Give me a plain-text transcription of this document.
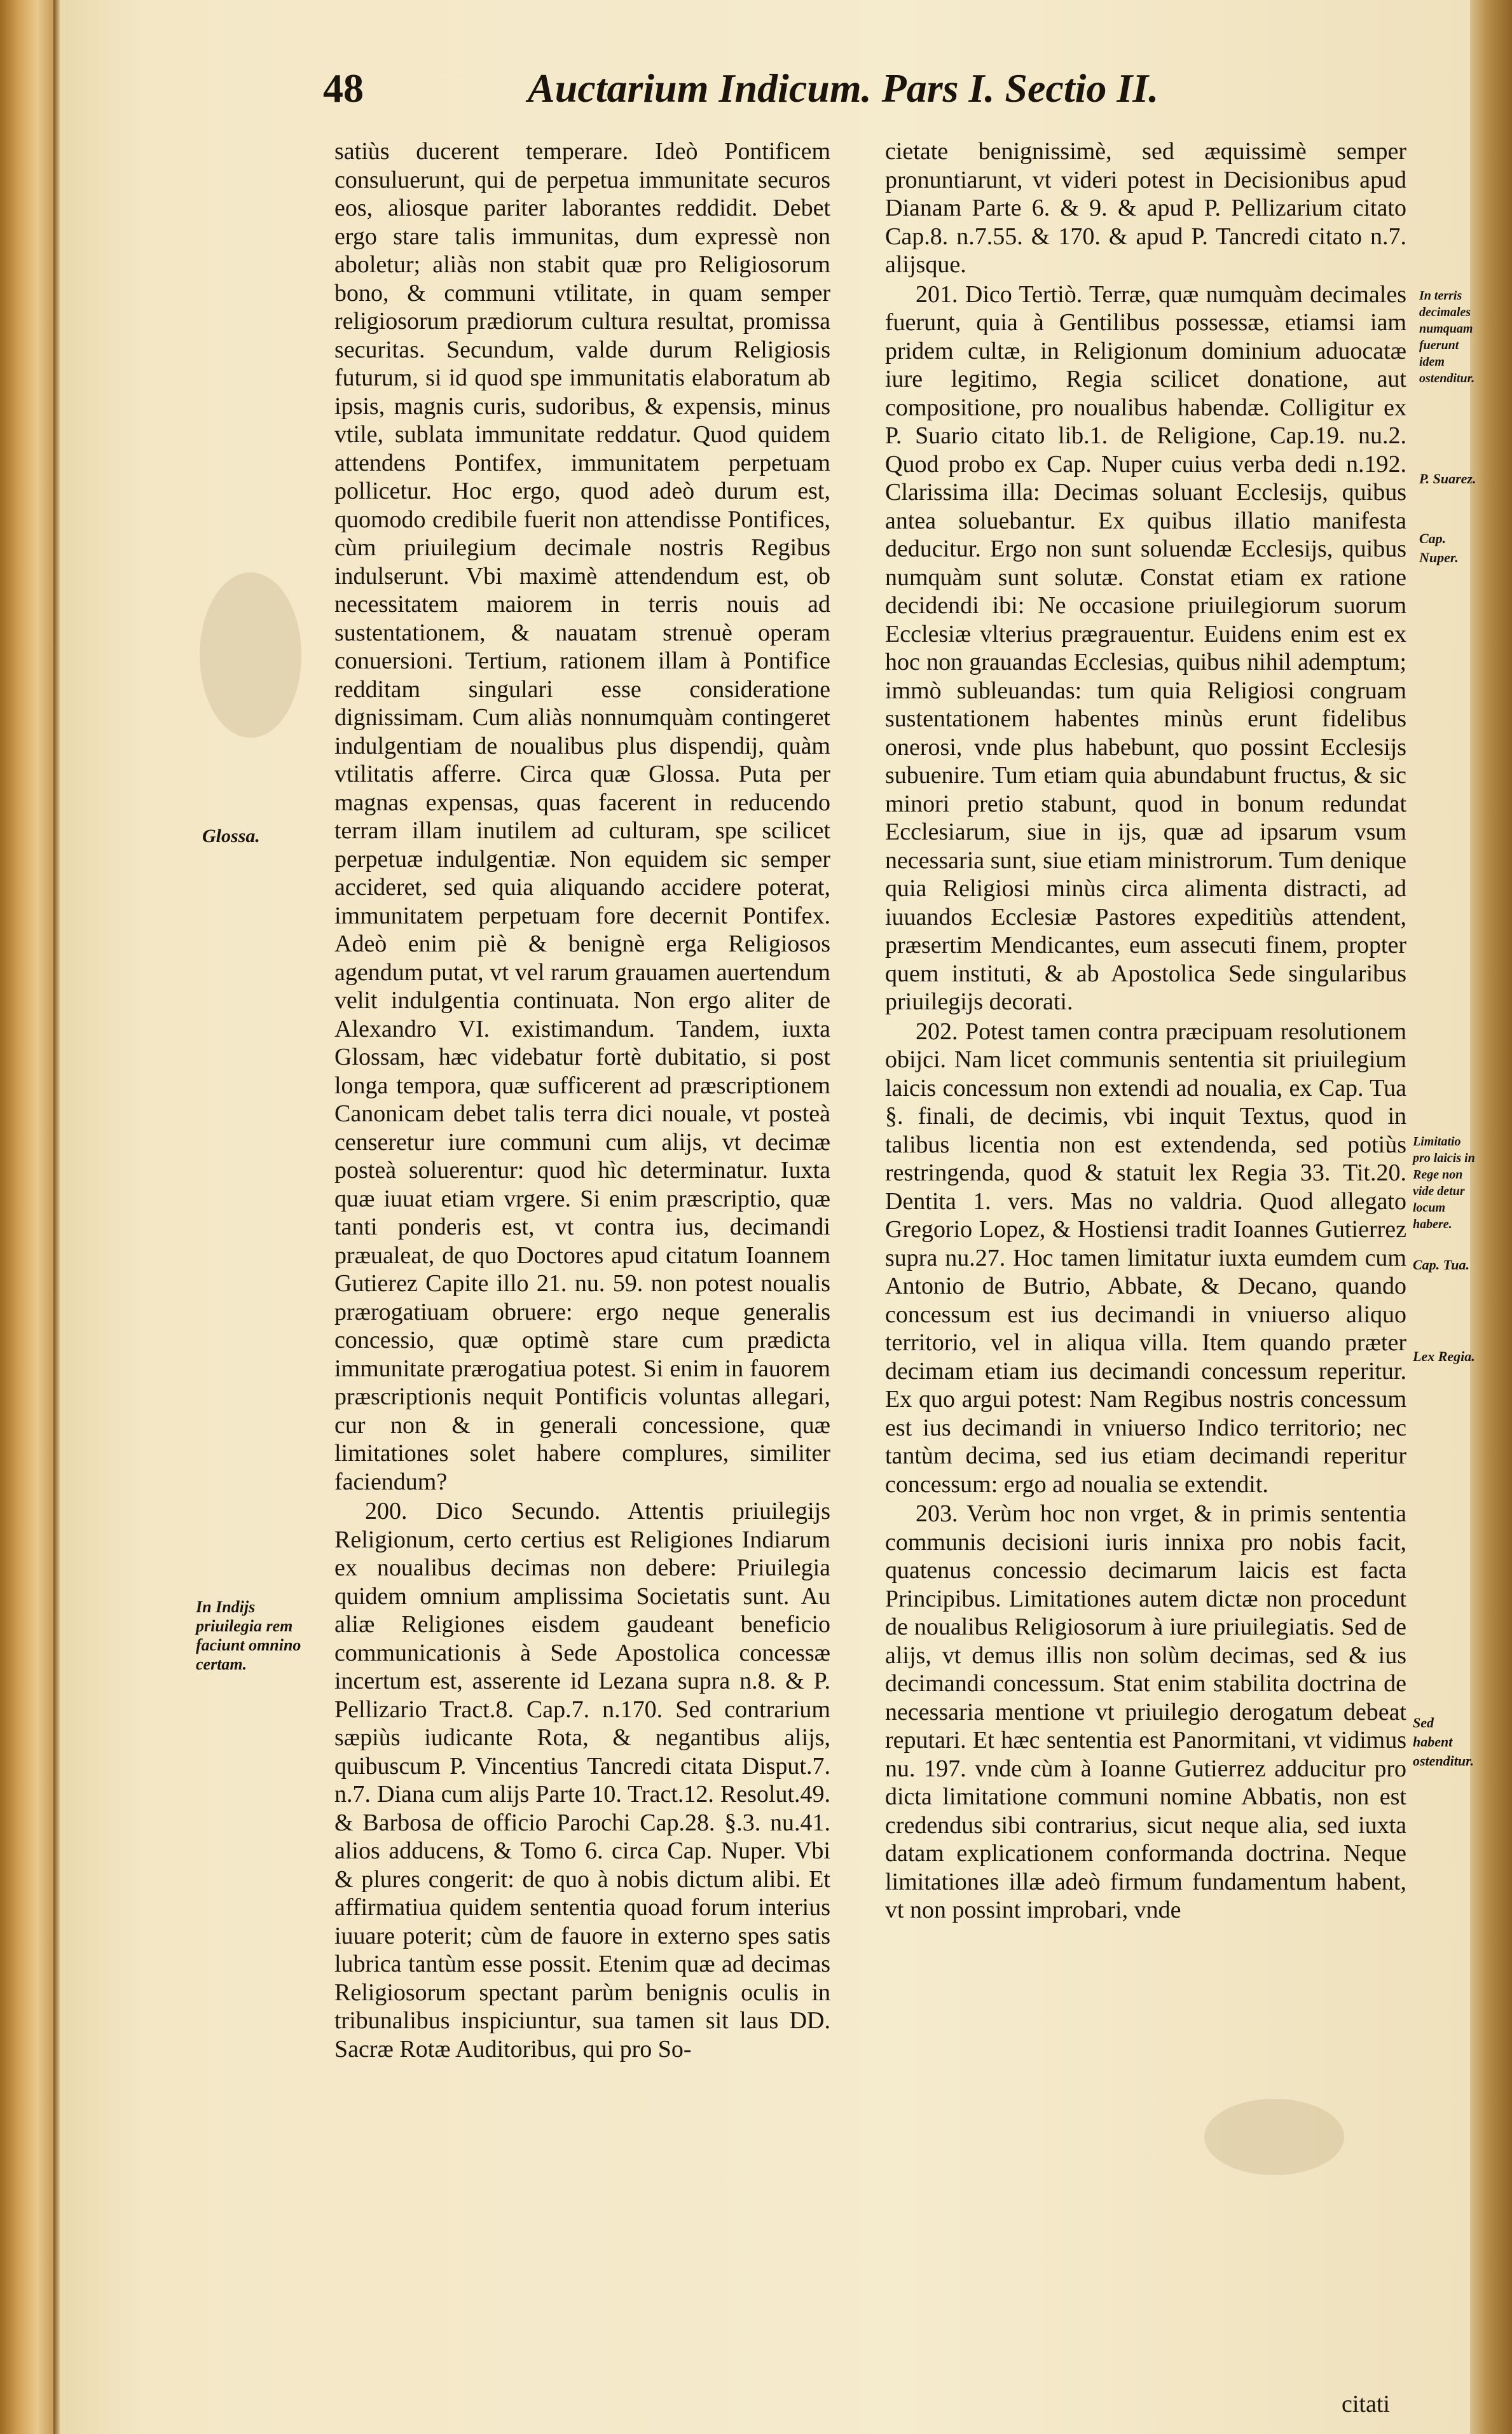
48	Auctarium Indicum. Pars I. Sectio II.

satiùs ducerent temperare. Ideò Pontificem consuluerunt, qui de perpetua immunitate securos eos, aliosque pariter laborantes reddidit. Debet ergo stare talis immunitas, dum expressè non aboletur; aliàs non stabit quæ pro Religiosorum bono, & communi vtilitate, in quam semper religiosorum prædiorum cultura resultat, promissa securitas. Secundum, valde durum Religiosis futurum, si id quod spe immunitatis elaboratum ab ipsis, magnis curis, sudoribus, & expensis, minus vtile, sublata immunitate reddatur. Quod quidem attendens Pontifex, immunitatem perpetuam pollicetur. Hoc ergo, quod adeò durum est, quomodo credibile fuerit non attendisse Pontifices, cùm priuilegium decimale nostris Regibus indulserunt. Vbi maximè attendendum est, ob necessitatem maiorem in terris nouis ad sustentationem, & nauatam strenuè operam conuersioni. Tertium, rationem illam à Pontifice redditam singulari esse consideratione dignissimam. Cum aliàs nonnumquàm contingeret indulgentiam de noualibus plus dispendij, quàm vtilitatis afferre. Circa quæ Glossa. Puta per magnas expensas, quas facerent in reducendo terram illam inutilem ad culturam, spe scilicet perpetuæ indulgentiæ. Non equidem sic semper accideret, sed quia aliquando accidere poterat, immunitatem perpetuam fore decernit Pontifex. Adeò enim piè & benignè erga Religiosos agendum putat, vt vel rarum grauamen auertendum velit indulgentia continuata. Non ergo aliter de Alexandro VI. existimandum. Tandem, iuxta Glossam, hæc videbatur fortè dubitatio, si post longa tempora, quæ sufficerent ad præscriptionem Canonicam debet talis terra dici nouale, vt posteà censeretur iure communi cum alijs, vt decimæ posteà soluerentur: quod hìc determinatur. Iuxta quæ iuuat etiam vrgere. Si enim præscriptio, quæ tanti ponderis est, vt contra ius, decimandi præualeat, de quo Doctores apud citatum Ioannem Gutierez Capite illo 21. nu. 59. non potest noualis prærogatiuam obruere: ergo neque generalis concessio, quæ optimè stare cum prædicta immunitate prærogatiua potest. Si enim in fauorem præscriptionis nequit Pontificis voluntas allegari, cur non & in generali concessione, quæ limitationes solet habere complures, similiter faciendum?

200. Dico Secundo. Attentis priuilegijs Religionum, certo certius est Religiones Indiarum ex noualibus decimas non debere: Priuilegia quidem omnium amplissima Societatis sunt. Au aliæ Religiones eisdem gaudeant beneficio communicationis à Sede Apostolica concessæ incertum est, asserente id Lezana supra n.8. & P. Pellizario Tract.8. Cap.7. n.170. Sed contrarium sæpiùs iudicante Rota, & negantibus alijs, quibuscum P. Vincentius Tancredi citata Disput.7. n.7. Diana cum alijs Parte 10. Tract.12. Resolut.49. & Barbosa de officio Parochi Cap.28. §.3. nu.41. alios adducens, & Tomo 6. circa Cap. Nuper. Vbi & plures congerit: de quo à nobis dictum alibi. Et affirmatiua quidem sententia quoad forum interius iuuare poterit; cùm de fauore in externo spes satis lubrica tantùm esse possit. Etenim quæ ad decimas Religiosorum spectant parùm benignis oculis in tribunalibus inspiciuntur, sua tamen sit laus DD. Sacræ Rotæ Auditoribus, qui pro So-

cietate benignissimè, sed æquissimè semper pronuntiarunt, vt videri potest in Decisionibus apud Dianam Parte 6. & 9. & apud P. Pellizarium citato Cap.8. n.7.55. & 170. & apud P. Tancredi citato n.7. alijsque.

201. Dico Tertiò. Terræ, quæ numquàm decimales fuerunt, quia à Gentilibus possessæ, etiamsi iam pridem cultæ, in Religionum dominium aduocatæ iure legitimo, Regia scilicet donatione, aut compositione, pro noualibus habendæ. Colligitur ex P. Suario citato lib.1. de Religione, Cap.19. nu.2. Quod probo ex Cap. Nuper cuius verba dedi n.192. Clarissima illa: Decimas soluant Ecclesijs, quibus antea soluebantur. Ex quibus illatio manifesta deducitur. Ergo non sunt soluendæ Ecclesijs, quibus numquàm sunt solutæ. Constat etiam ex ratione decidendi ibi: Ne occasione priuilegiorum suorum Ecclesiæ vlterius prægrauentur. Euidens enim est ex hoc non grauandas Ecclesias, quibus nihil ademptum; immò subleuandas: tum quia Religiosi congruam sustentationem habentes minùs erunt fidelibus onerosi, vnde plus habebunt, quo possint Ecclesijs subuenire. Tum etiam quia abundabunt fructus, & sic minori pretio stabunt, quod in bonum redundat Ecclesiarum, siue in ijs, quæ ad ipsarum vsum necessaria sunt, siue etiam ministrorum. Tum denique quia Religiosi minùs circa alimenta distracti, ad iuuandos Ecclesiæ Pastores expeditiùs attendent, præsertim Mendicantes, eum assecuti finem, propter quem instituti, & ab Apostolica Sede singularibus priuilegijs decorati.

202. Potest tamen contra præcipuam resolutionem obijci. Nam licet communis sententia sit priuilegium laicis concessum non extendi ad noualia, ex Cap. Tua §. finali, de decimis, vbi inquit Textus, quod in talibus licentia non est extendenda, sed potiùs restringenda, quod & statuit lex Regia 33. Tit.20. Dentita 1. vers. Mas no valdria. Quod allegato Gregorio Lopez, & Hostiensi tradit Ioannes Gutierrez supra nu.27. Hoc tamen limitatur iuxta eumdem cum Antonio de Butrio, Abbate, & Decano, quando concessum est ius decimandi in vniuerso aliquo territorio, vel in aliqua villa. Item quando præter decimam etiam ius decimandi concessum reperitur. Ex quo argui potest: Nam Regibus nostris concessum est ius decimandi in vniuerso Indico territorio; nec tantùm decima, sed ius etiam decimandi reperitur concessum: ergo ad noualia se extendit.

203. Verùm hoc non vrget, & in primis sententia communis decisioni iuris innixa pro nobis facit, quatenus concessio decimarum laicis est facta Principibus. Limitationes autem dictæ non procedunt de noualibus Religiosorum à iure priuilegiatis. Sed de alijs, vt demus illis non solùm decimas, sed & ius decimandi concessum. Stat enim stabilita doctrina de necessaria mentione vt priuilegio derogatum debeat reputari. Et hæc sententia est Panormitani, vt vidimus nu. 197. vnde cùm à Ioanne Gutierrez adducitur pro dicta limitatione communi nomine Abbatis, non est credendus sibi contrarius, sicut neque alia, sed iuxta datam explicationem conformanda doctrina. Neque limitationes illæ adeò firmum fundamentum habent, vt non possint improbari, vnde

Glossa.
In Indijs priuilegia rem faciunt omnino certam.
In terris decimales numquam fuerunt idem ostenditur.
P. Suarez.
Cap. Nuper.
Limitatio pro laicis in Rege non vide detur locum habere.
Cap. Tua.
Lex Regia.
Sed habent ostenditur.
citati
